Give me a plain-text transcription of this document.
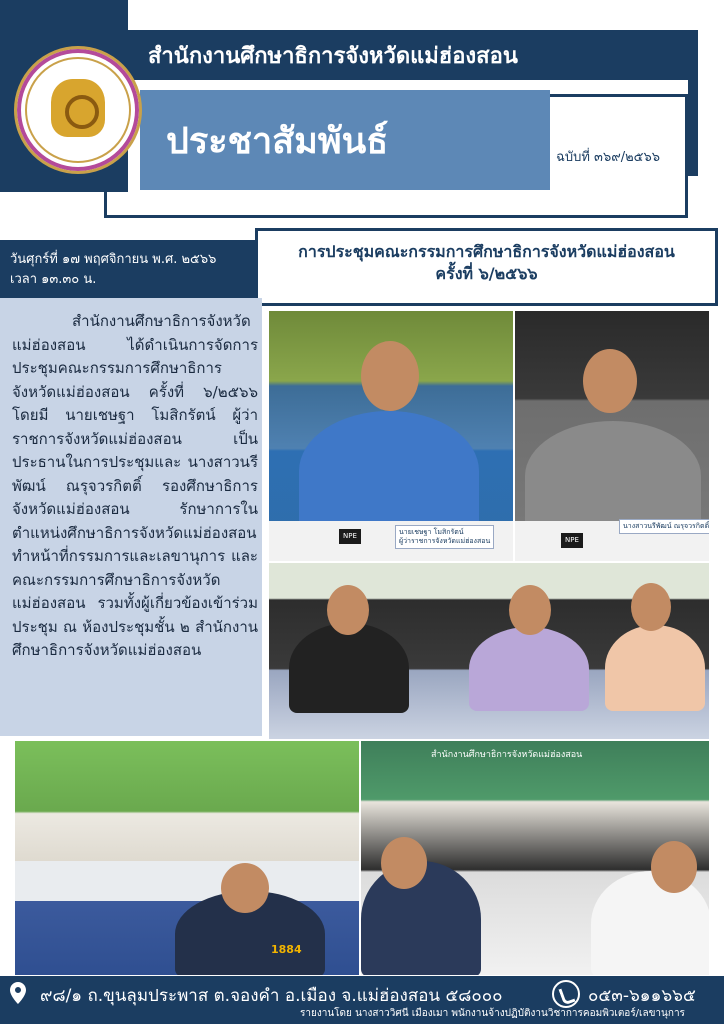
สำนักงานศึกษาธิการจังหวัดแม่ฮ่องสอน
ประชาสัมพันธ์	ฉบับที่ ๓๖๙/๒๕๖๖
วันศุกร์ที่ ๑๗ พฤศจิกายน พ.ศ. ๒๕๖๖
เวลา ๑๓.๓๐ น.
การประชุมคณะกรรมการศึกษาธิการจังหวัดแม่ฮ่องสอน
ครั้งที่ ๖/๒๕๖๖
สำนักงานศึกษาธิการจังหวัดแม่ฮ่องสอน ได้ดำเนินการจัดการประชุมคณะกรรมการศึกษาธิการจังหวัดแม่ฮ่องสอน ครั้งที่ ๖/๒๕๖๖ โดยมี นายเชษฐา โมสิกรัตน์ ผู้ว่าราชการจังหวัดแม่ฮ่องสอน เป็นประธานในการประชุมและ นางสาวนรีพัฒน์ ณรุจวรกิตติ์ รองศึกษาธิการจังหวัดแม่ฮ่องสอน รักษาการในตำแหน่งศึกษาธิการจังหวัดแม่ฮ่องสอน ทำหน้าที่กรรมการและเลขานุการ และคณะกรรมการศึกษาธิการจังหวัดแม่ฮ่องสอน รวมทั้งผู้เกี่ยวข้องเข้าร่วมประชุม ณ ห้องประชุมชั้น ๒ สำนักงานศึกษาธิการจังหวัดแม่ฮ่องสอน
นายเชษฐา โมสิกรัตน์
ผู้ว่าราชการจังหวัดแม่ฮ่องสอน
NPE
นางสาวนรีพัฒน์ ณรุจวรกิตติ์
NPE
1884
สำนักงานศึกษาธิการจังหวัดแม่ฮ่องสอน
๙๘/๑ ถ.ขุนลุมประพาส ต.จองคำ อ.เมือง จ.แม่ฮ่องสอน ๕๘๐๐๐	๐๕๓-๖๑๑๖๖๕
รายงานโดย นางสาววิศนี เมืองเมา พนักงานจ้างปฏิบัติงานวิชาการคอมพิวเตอร์/เลขานุการ
